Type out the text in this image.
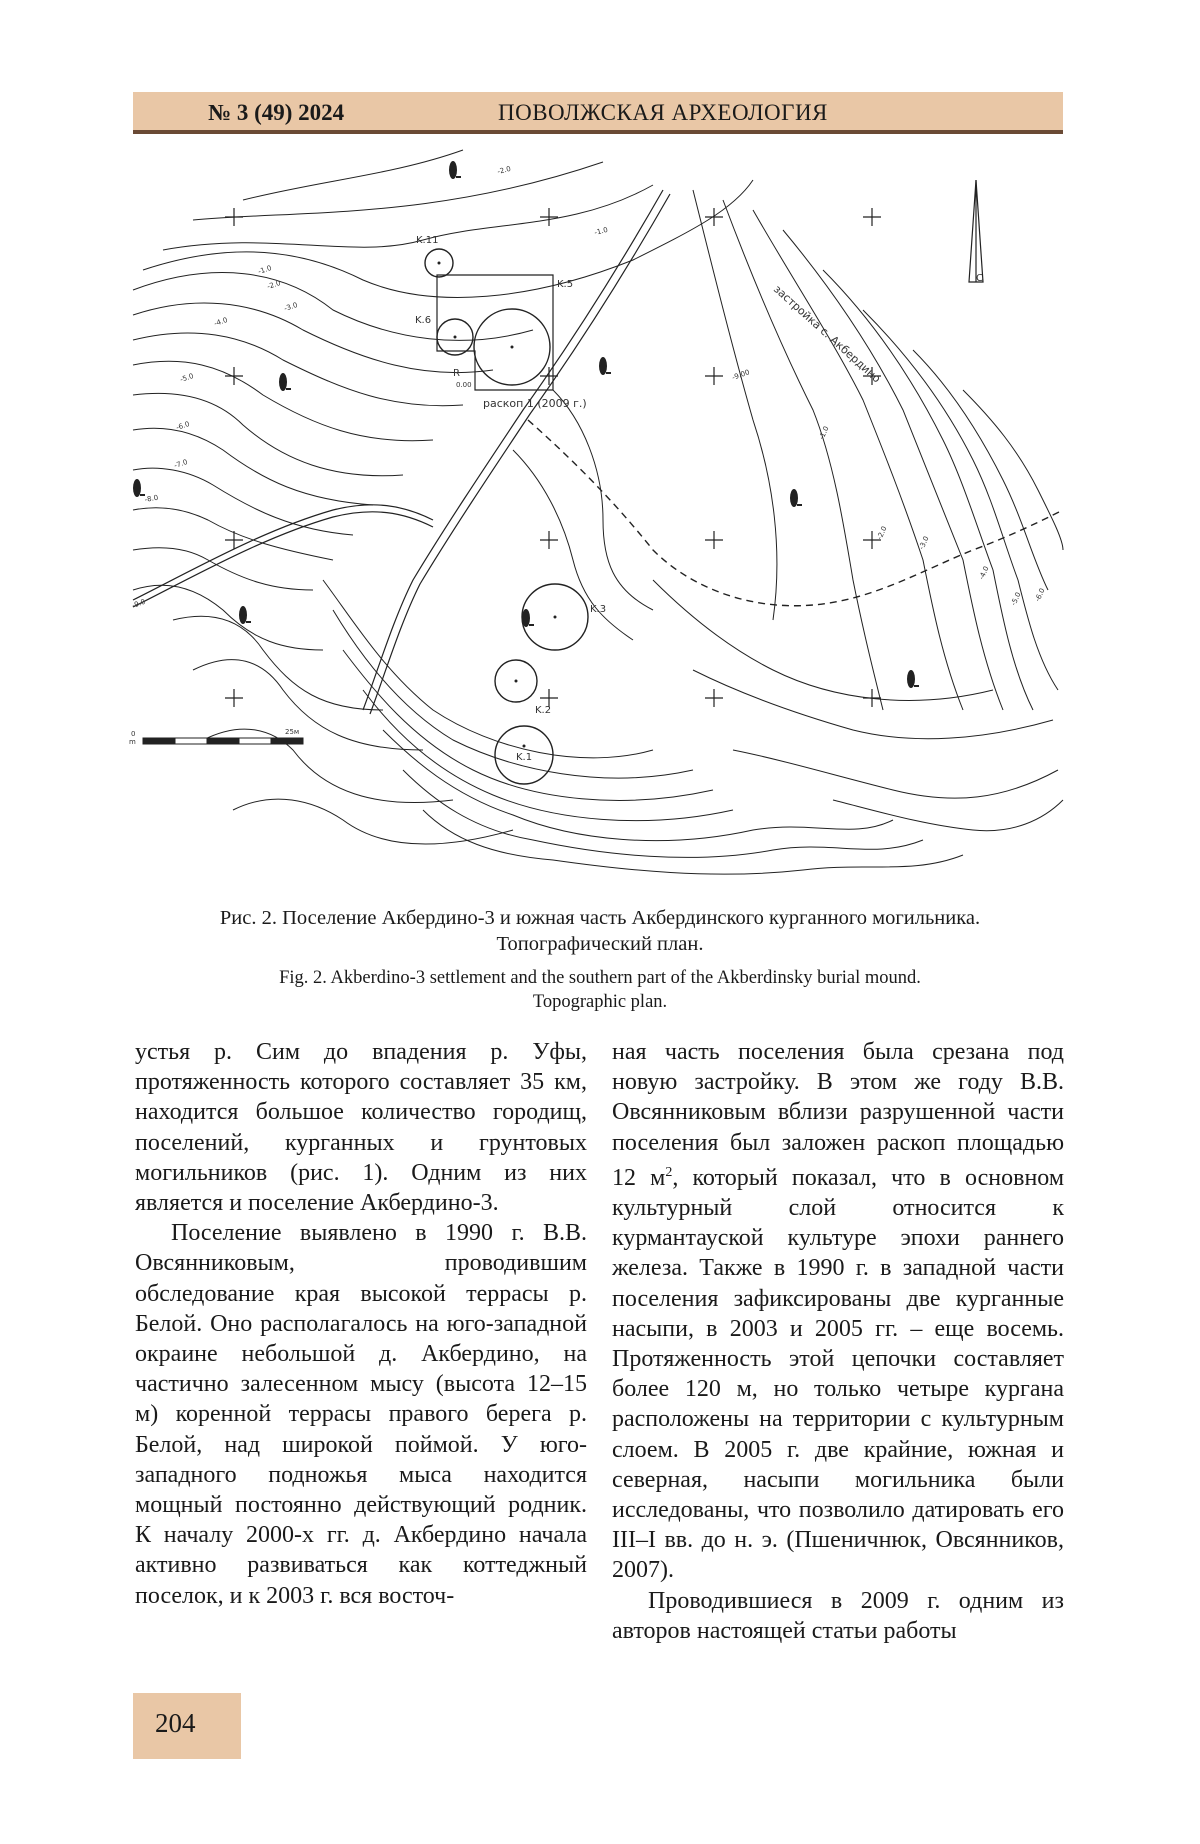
№ 3 (49) 2024	ПОВОЛЖСКАЯ АРХЕОЛОГИЯ
K.11
K.6
K.5
K.3
K.2
K.1
раскоп 1 (2009 г.)
застройка с. Акбердино
R
0.00
С
0	25м
m
-2.0
-1.0
-1.0
-2.0
-3.0
-4.0
-5.0
-6.0
-7.0
-8.0
-9.0
-9.00
-1.0
-2.0
-3.0
-4.0
-5.0 -6.0
Рис. 2. Поселение Акбердино-3 и южная часть Акбердинского курганного могильника.
Топографический план.
Fig. 2. Akberdino-3 settlement and the southern part of the Akberdinsky burial mound.
Topographic plan.

устья р. Сим до впадения р. Уфы, протяженность которого составляет 35 км, находится большое количество городищ, поселений, курганных и грунтовых могильников (рис. 1). Одним из них является и поселение Акбердино-3.

Поселение выявлено в 1990 г. В.В. Овсянниковым, проводившим обследование края высокой террасы р. Белой. Оно располагалось на юго-западной окраине небольшой д. Акбердино, на частично залесенном мысу (высота 12–15 м) коренной террасы правого берега р. Белой, над широкой поймой. У юго-западного подножья мыса находится мощный постоянно действующий родник. К началу 2000-х гг. д. Акбердино начала активно развиваться как коттеджный поселок, и к 2003 г. вся восточ-

ная часть поселения была срезана под новую застройку. В этом же году В.В. Овсянниковым вблизи разрушенной части поселения был заложен раскоп площадью 12 $м^2$, который показал, что в основном культурный слой относится к курмантауской культуре эпохи раннего железа. Также в 1990 г. в западной части поселения зафиксированы две курганные насыпи, в 2003 и 2005 гг. – еще восемь. Протяженность этой цепочки составляет более 120 м, но только четыре кургана расположены на территории с культурным слоем. В 2005 г. две крайние, южная и северная, насыпи могильника были исследованы, что позволило датировать его III–I вв. до н. э. (Пшеничнюк, Овсянников, 2007).

Проводившиеся в 2009 г. одним из авторов настоящей статьи работы

204
